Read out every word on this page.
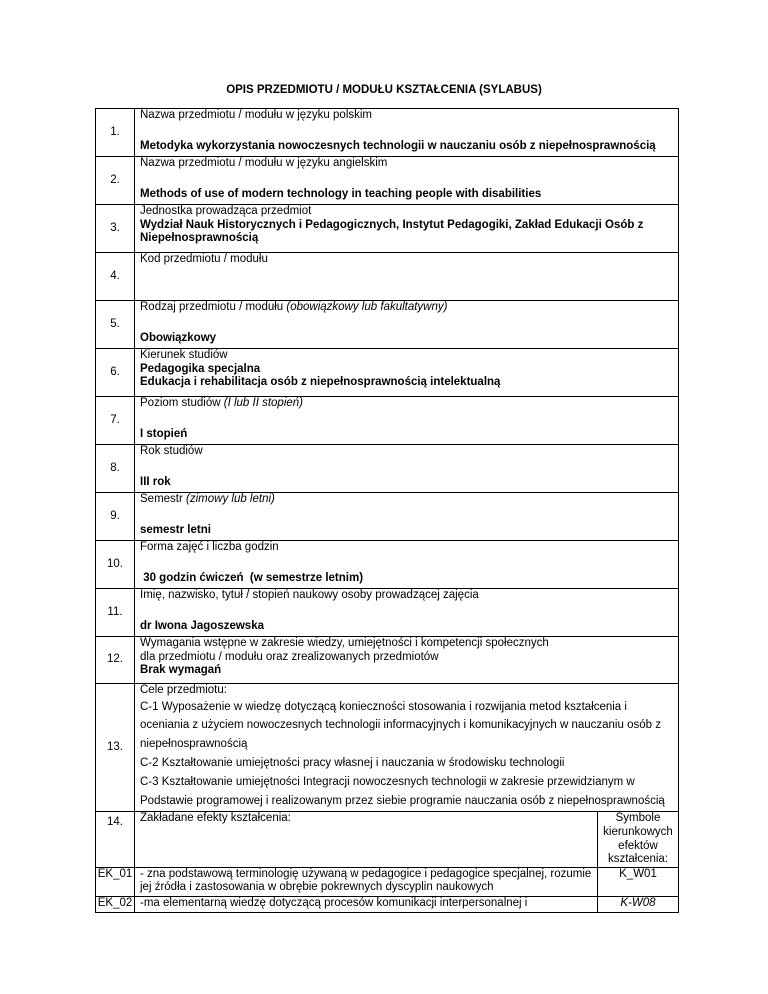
OPIS PRZEDMIOTU / MODUŁU KSZTAŁCENIA (SYLABUS)
1.	Nazwa przedmiotu / modułu w języku polskim
Metodyka wykorzystania nowoczesnych technologii w nauczaniu osób z niepełnosprawnością	
2.	Nazwa przedmiotu / modułu w języku angielskim
Methods of use of modern technology in teaching people with disabilities	
3.	Jednostka prowadząca przedmiot
Wydział Nauk Historycznych i Pedagogicznych, Instytut Pedagogiki, Zakład Edukacji Osób z Niepełnosprawnością	

4.	Kod przedmiotu / modułu	
5.	Rodzaj przedmiotu / modułu (obowiązkowy lub fakultatywny)
Obowiązkowy	
6.	Kierunek studiów
Pedagogika specjalna
Edukacja i rehabilitacja osób z niepełnosprawnością intelektualną	

7.	Poziom studiów (I lub II stopień)
I stopień	
8.	Rok studiów
III rok	
9.	Semestr (zimowy lub letni)
semestr letni	
10.	Forma zajęć i liczba godzin
30 godzin ćwiczeń  (w semestrze letnim)	
11.	Imię, nazwisko, tytuł / stopień naukowy osoby prowadzącej zajęcia
dr Iwona Jagoszewska	
12.	Wymagania wstępne w zakresie wiedzy, umiejętności i kompetencji społecznych
dla przedmiotu / modułu oraz zrealizowanych przedmiotów
Brak wymagań	

13.	Cele przedmiotu:
C-1 Wyposażenie w wiedzę dotyczącą konieczności stosowania i rozwijania metod kształcenia i oceniania z użyciem nowoczesnych technologii informacyjnych i komunikacyjnych w nauczaniu osób z niepełnosprawnością
C-2 Kształtowanie umiejętności pracy własnej i nauczania w środowisku technologii
C-3 Kształtowanie umiejętności Integracji nowoczesnych technologii w zakresie przewidzianym w Podstawie programowej i realizowanym przez siebie programie nauczania osób z niepełnosprawnością	

14.	Zakładane efekty kształcenia:	Symbole kierunkowych efektów kształcenia:
EK_01	- zna podstawową terminologię używaną w pedagogice i pedagogice specjalnej, rozumie jej źródła i zastosowania w obrębie pokrewnych dyscyplin naukowych	K_W01
EK_02	-ma elementarną wiedzę dotyczącą procesów komunikacji interpersonalnej i	K-W08
